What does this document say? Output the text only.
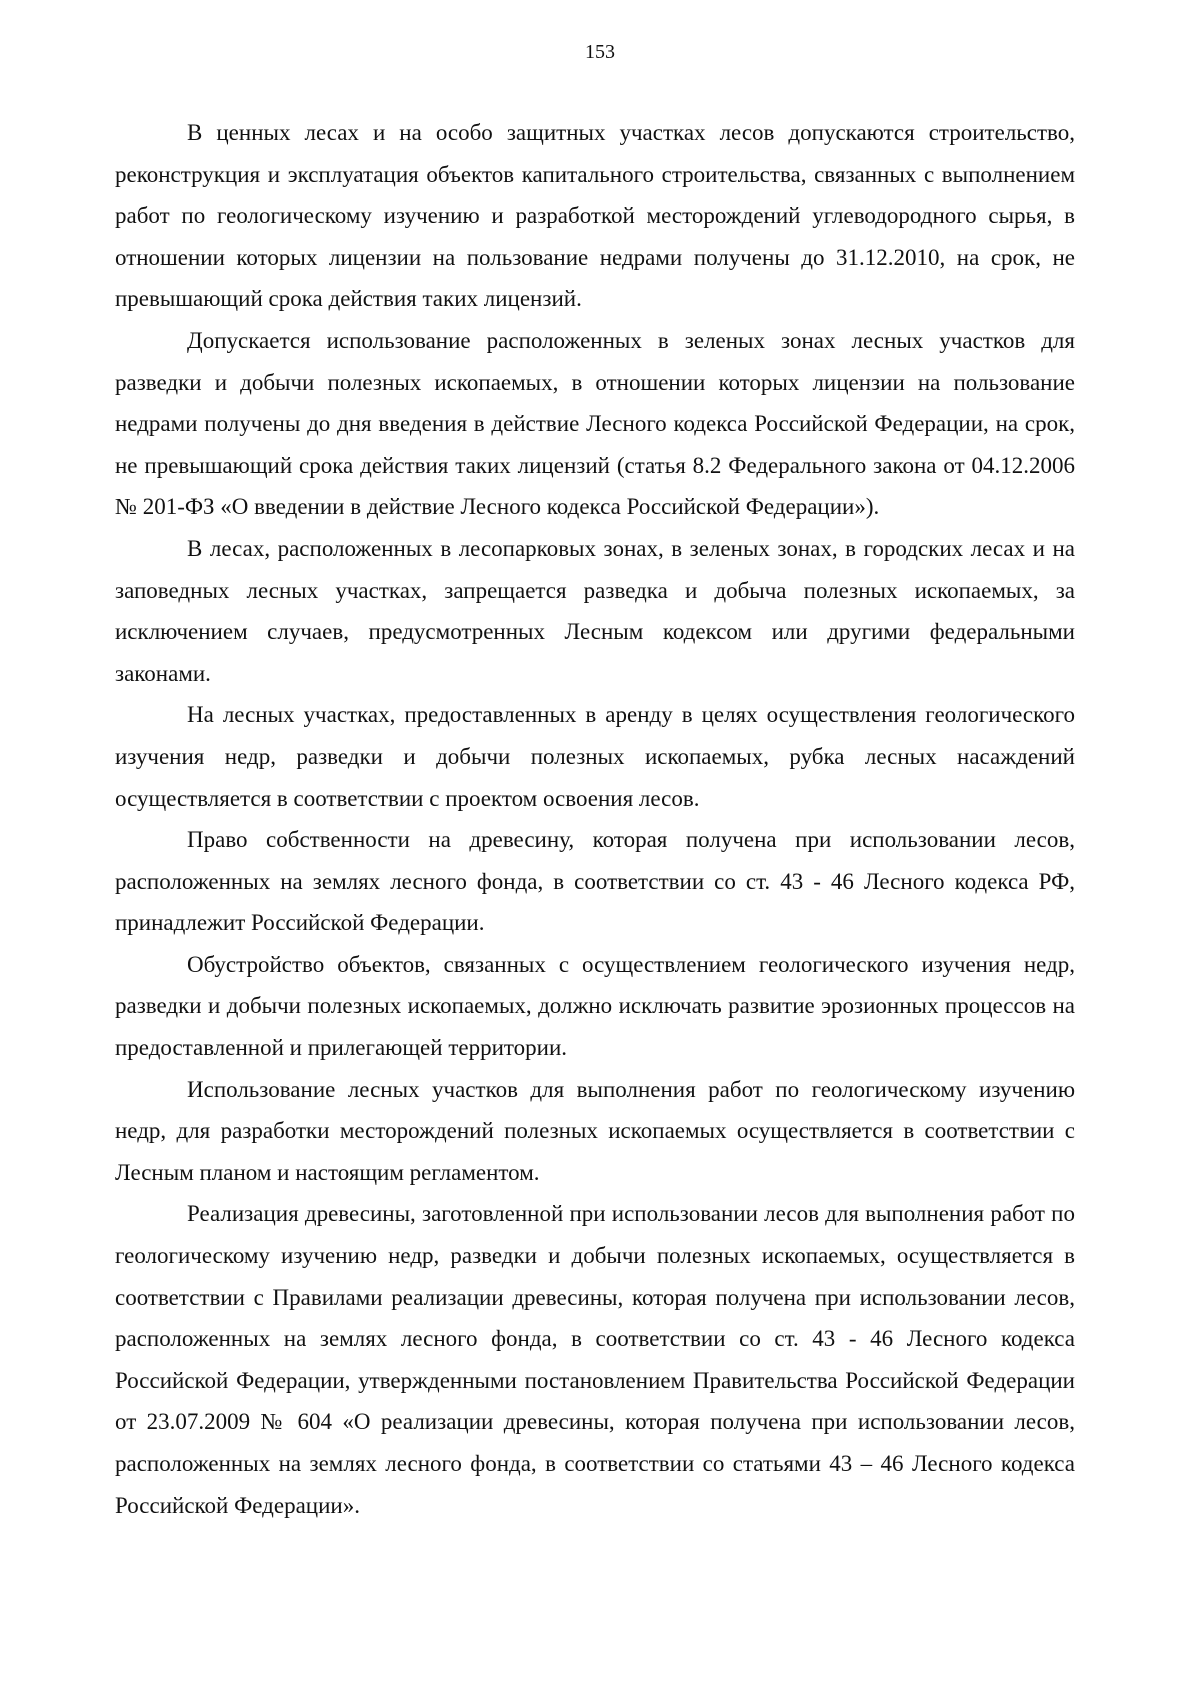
153

В ценных лесах и на особо защитных участках лесов допускаются строительство, реконструкция и эксплуатация объектов капитального строительства, связанных с выполнением работ по геологическому изучению и разработкой месторождений углеводородного сырья, в отношении которых лицензии на пользование недрами получены до 31.12.2010, на срок, не превышающий срока действия таких лицензий.

Допускается использование расположенных в зеленых зонах лесных участков для разведки и добычи полезных ископаемых, в отношении которых лицензии на пользование недрами получены до дня введения в действие Лесного кодекса Российской Федерации, на срок, не превышающий срока действия таких лицензий (статья 8.2 Федерального закона от 04.12.2006 № 201-ФЗ «О введении в действие Лесного кодекса Российской Федерации»).

В лесах, расположенных в лесопарковых зонах, в зеленых зонах, в городских лесах и на заповедных лесных участках, запрещается разведка и добыча полезных ископаемых, за исключением случаев, предусмотренных Лесным кодексом или другими федеральными законами.

На лесных участках, предоставленных в аренду в целях осуществления геологического изучения недр, разведки и добычи полезных ископаемых, рубка лесных насаждений осуществляется в соответствии с проектом освоения лесов.

Право собственности на древесину, которая получена при использовании лесов, расположенных на землях лесного фонда, в соответствии со ст. 43 - 46 Лесного кодекса РФ, принадлежит Российской Федерации.

Обустройство объектов, связанных с осуществлением геологического изучения недр, разведки и добычи полезных ископаемых, должно исключать развитие эрозионных процессов на предоставленной и прилегающей территории.

Использование лесных участков для выполнения работ по геологическому изучению недр, для разработки месторождений полезных ископаемых осуществляется в соответствии с Лесным планом и настоящим регламентом.

Реализация древесины, заготовленной при использовании лесов для выполнения работ по геологическому изучению недр, разведки и добычи полезных ископаемых, осуществляется в соответствии с Правилами реализации древесины, которая получена при использовании лесов, расположенных на землях лесного фонда, в соответствии со ст. 43 - 46 Лесного кодекса Российской Федерации, утвержденными постановлением Правительства Российской Федерации от 23.07.2009 № 604 «О реализации древесины, которая получена при использовании лесов, расположенных на землях лесного фонда, в соответствии со статьями 43 – 46 Лесного кодекса Российской Федерации».
